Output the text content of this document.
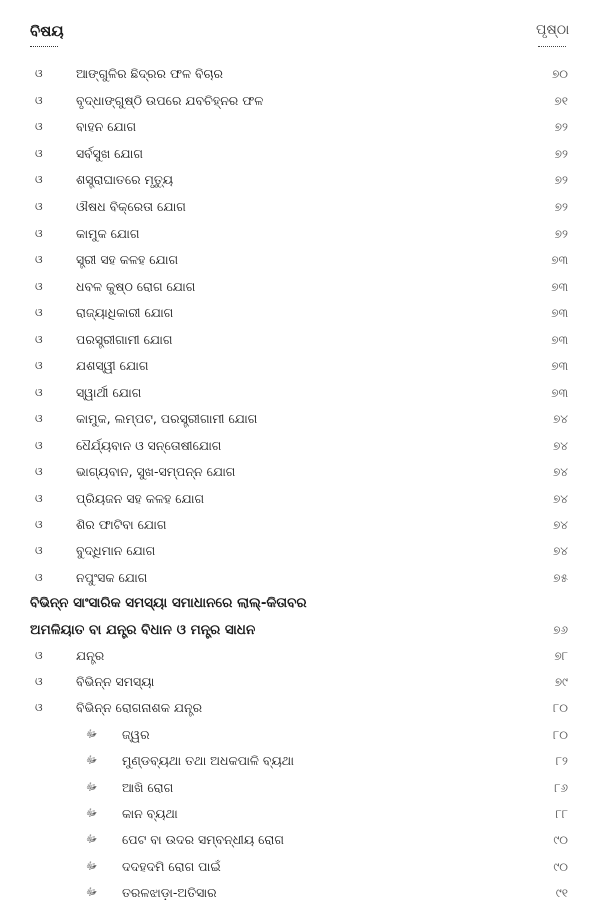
ବିଷୟ	ପୃଷ୍ଠା
ଓ	ଆଙ୍ଗୁଳିର ଛିଦ୍ରର ଫଳ ବିଚାର	୭୦
ଓ	ବୃଦ୍ଧାଙ୍ଗୁଷ୍ଠି ଉପରେ ଯବଚିହ୍ନର ଫଳ	୭୧
ଓ	ବାହନ ଯୋଗ	୭୨
ଓ	ସର୍ବସୁଖ ଯୋଗ	୭୨
ଓ	ଶସ୍ତ୍ରାଘାତରେ ମୃତ୍ୟୁ	୭୨
ଓ	ଔଷଧ ବିକ୍ରେତା ଯୋଗ	୭୨
ଓ	କାମୁକ ଯୋଗ	୭୨
ଓ	ସ୍ତ୍ରୀ ସହ କଳହ ଯୋଗ	୭୩
ଓ	ଧବଳ କୁଷ୍ଠ ରୋଗ ଯୋଗ	୭୩
ଓ	ରାଜ୍ୟାଧିକାରୀ ଯୋଗ	୭୩
ଓ	ପରସ୍ତ୍ରୀଗାମୀ ଯୋଗ	୭୩
ଓ	ଯଶସ୍ୱୀ ଯୋଗ	୭୩
ଓ	ସ୍ୱାର୍ଥୀ ଯୋଗ	୭୩
ଓ	କାମୁକ, ଲମ୍ପଟ, ପରସ୍ତ୍ରୀଗାମୀ ଯୋଗ	୭୪
ଓ	ଧୈର୍ଯ୍ୟବାନ ଓ ସନ୍ତୋଷୀଯୋଗ	୭୪
ଓ	ଭାଗ୍ୟବାନ, ସୁଖ-ସମ୍ପନ୍ନ ଯୋଗ	୭୪
ଓ	ପ୍ରିୟଜନ ସହ କଳହ ଯୋଗ	୭୪
ଓ	ଶିର ଫାଟିବା ଯୋଗ	୭୪
ଓ	ବୁଦ୍ଧିମାନ ଯୋଗ	୭୪
ଓ	ନପୁଂସକ ଯୋଗ	୭୫
ବିଭିନ୍ନ ସାଂସାରିକ ସମସ୍ୟା ସମାଧାନରେ ଲାଲ୍-କିତାବର
ଅମଳିୟାତ ବା ଯନ୍ତ୍ର ବିଧାନ ଓ ମନ୍ତ୍ର ସାଧନ	୭୬
ଓ	ଯନ୍ତ୍ର	୭୮
ଓ	ବିଭିନ୍ନ ସମସ୍ୟା	୭୯
ଓ	ବିଭିନ୍ନ ରୋଗନାଶକ ଯନ୍ତ୍ର	୮୦
ﷻ ଜ୍ୱର	୮୦
ﷻ ମୁଣ୍ଡବ୍ୟଥା ତଥା ଅଧକପାଳି ବ୍ୟଥା	୮୨
ﷻ ଆଖି ରୋଗ	୮୬
ﷻ କାନ ବ୍ୟଥା	୮୮
ﷻ ପେଟ ବା ଉଦର ସମ୍ବନ୍ଧୀୟ ରୋଗ	୯୦
ﷻ ଦଦହଦମି ରୋଗ ପାଇଁ	୯୦
ﷻ ତରଳଝାଡ଼ା-ଅତିସାର	୯୧
